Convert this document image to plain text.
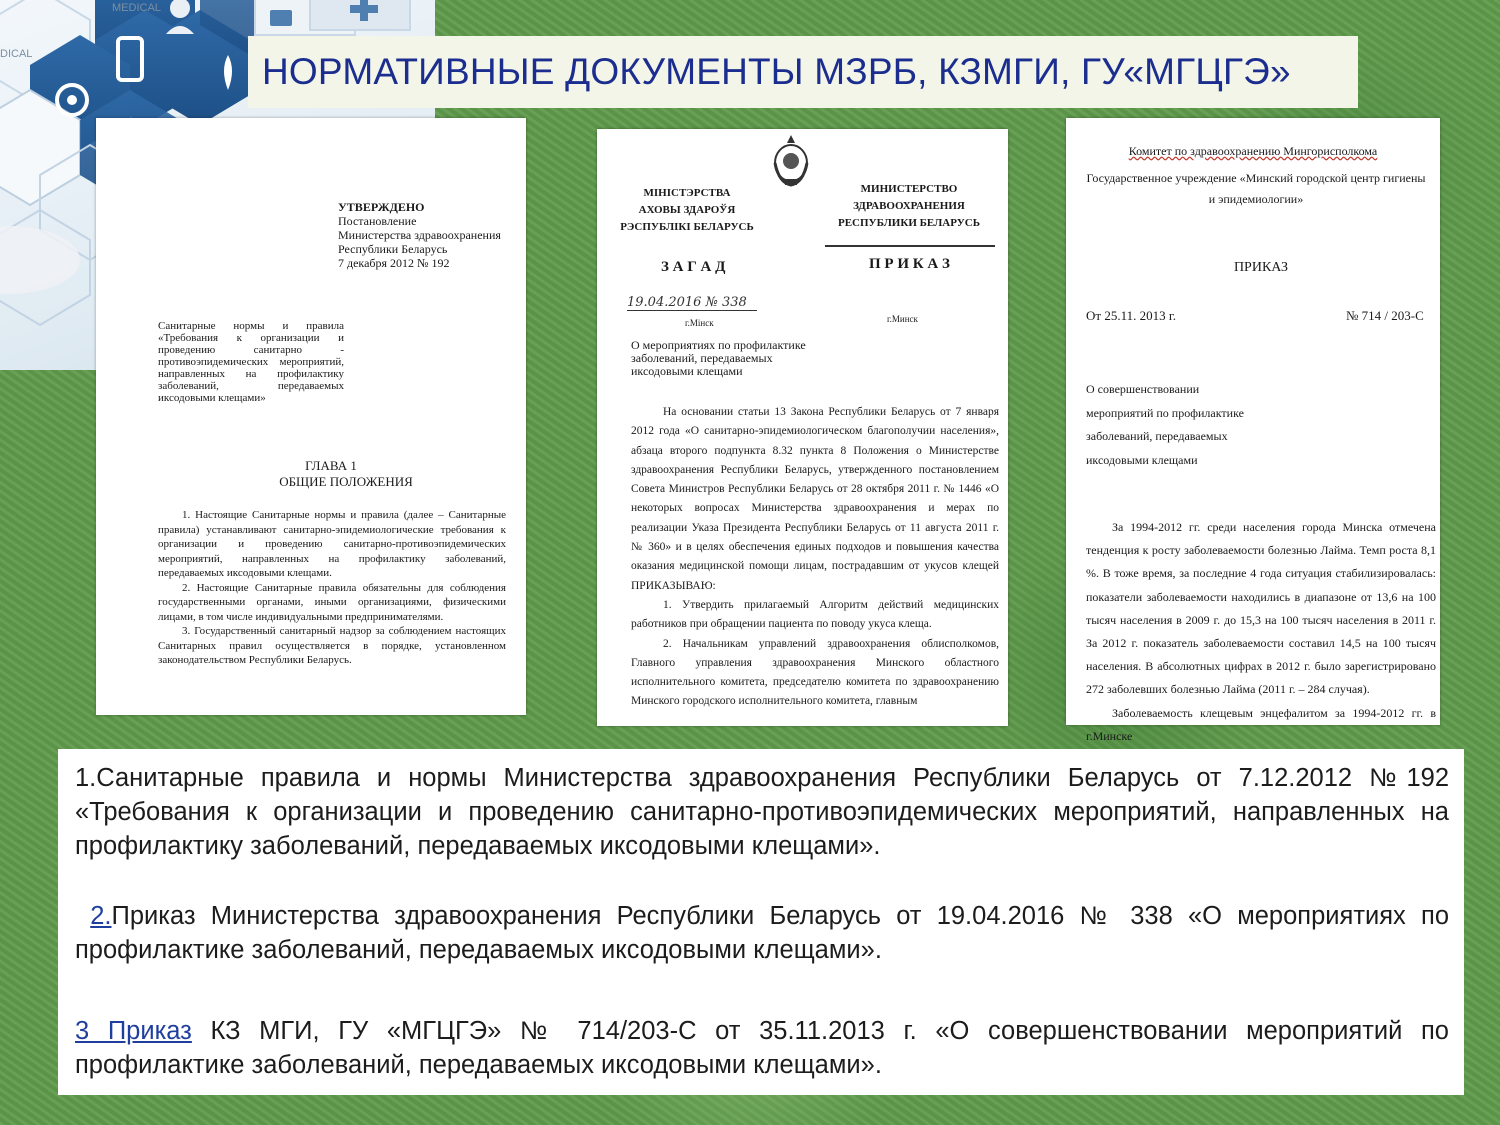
MEDICAL
DICAL	НОРМАТИВНЫЕ ДОКУМЕНТЫ МЗРБ, КЗМГИ, ГУ«МГЦГЭ»

УТВЕРЖДЕНО

Постановление

Министерства здравоохранения

Республики Беларусь

7 декабря 2012 № 192

Санитарные нормы и правила «Требования к организации и проведению санитарно - противоэпидемических мероприятий, направленных на профилактику заболеваний, передаваемых иксодовыми клещами»

ГЛАВА 1

ОБЩИЕ ПОЛОЖЕНИЯ

1. Настоящие Санитарные нормы и правила (далее – Санитарные правила) устанавливают санитарно-эпидемиологические требования к организации и проведению санитарно-противоэпидемических мероприятий, направленных на профилактику заболеваний, передаваемых иксодовыми клещами.

2. Настоящие Санитарные правила обязательны для соблюдения государственными органами, иными организациями, физическими лицами, в том числе индивидуальными предпринимателями.

3. Государственный санитарный надзор за соблюдением настоящих Санитарных правил осуществляется в порядке, установленном законодательством Республики Беларусь.

МІНІСТЭРСТВА

АХОВЫ ЗДАРОЎЯ

РЭСПУБЛІКІ БЕЛАРУСЬ

МИНИСТЕРСТВО

ЗДРАВООХРАНЕНИЯ

РЕСПУБЛИКИ БЕЛАРУСЬ

З А Г А Д	П Р И К А З

19.04.2016 № 338

г.Мінск	г.Минск

О мероприятиях по профилактике заболеваний, передаваемых иксодовыми клещами

На основании статьи 13 Закона Республики Беларусь от 7 января 2012 года «О санитарно-эпидемиологическом благополучии населения», абзаца второго подпункта 8.32 пункта 8 Положения о Министерстве здравоохранения Республики Беларусь, утвержденного постановлением Совета Министров Республики Беларусь от 28 октября 2011 г. № 1446 «О некоторых вопросах Министерства здравоохранения и мерах по реализации Указа Президента Республики Беларусь от 11 августа 2011 г. № 360» и в целях обеспечения единых подходов и повышения качества оказания медицинской помощи лицам, пострадавшим от укусов клещей ПРИКАЗЫВАЮ:

1. Утвердить прилагаемый Алгоритм действий медицинских работников при обращении пациента по поводу укуса клеща.

2. Начальникам управлений здравоохранения облисполкомов, Главного управления здравоохранения Минского областного исполнительного комитета, председателю комитета по здравоохранению Минского городского исполнительного комитета, главным

Комитет по здравоохранению Мингорисполкома

Государственное учреждение «Минский городской центр гигиены и эпидемиологии»

ПРИКАЗ

От 25.11. 2013 г.	№ 714 / 203-С

О совершенствовании

мероприятий по профилактике

заболеваний, передаваемых

иксодовыми клещами

За 1994-2012 гг. среди населения города Минска отмечена тенденция к росту заболеваемости болезнью Лайма. Темп роста 8,1 %. В тоже время, за последние 4 года ситуация стабилизировалась: показатели заболеваемости находились в диапазоне от 13,6 на 100 тысяч населения в 2009 г. до 15,3 на 100 тысяч населения в 2011 г. За 2012 г. показатель заболеваемости составил 14,5 на 100 тысяч населения. В абсолютных цифрах в 2012 г. было зарегистрировано 272 заболевших болезнью Лайма (2011 г. – 284 случая).

Заболеваемость клещевым энцефалитом за 1994-2012 гг. в г.Минске

1.Санитарные правила и нормы Министерства здравоохранения Республики Беларусь от 7.12.2012 №192 «Требования к организации и проведению санитарно-противоэпидемических мероприятий, направленных на профилактику заболеваний, передаваемых иксодовыми клещами».

2.Приказ Министерства здравоохранения Республики Беларусь от 19.04.2016 № 338 «О мероприятиях по профилактике заболеваний, передаваемых иксодовыми клещами».

3 Приказ КЗ МГИ, ГУ «МГЦГЭ» № 714/203-С от 35.11.2013 г. «О совершенствовании мероприятий по профилактике заболеваний, передаваемых иксодовыми клещами».
